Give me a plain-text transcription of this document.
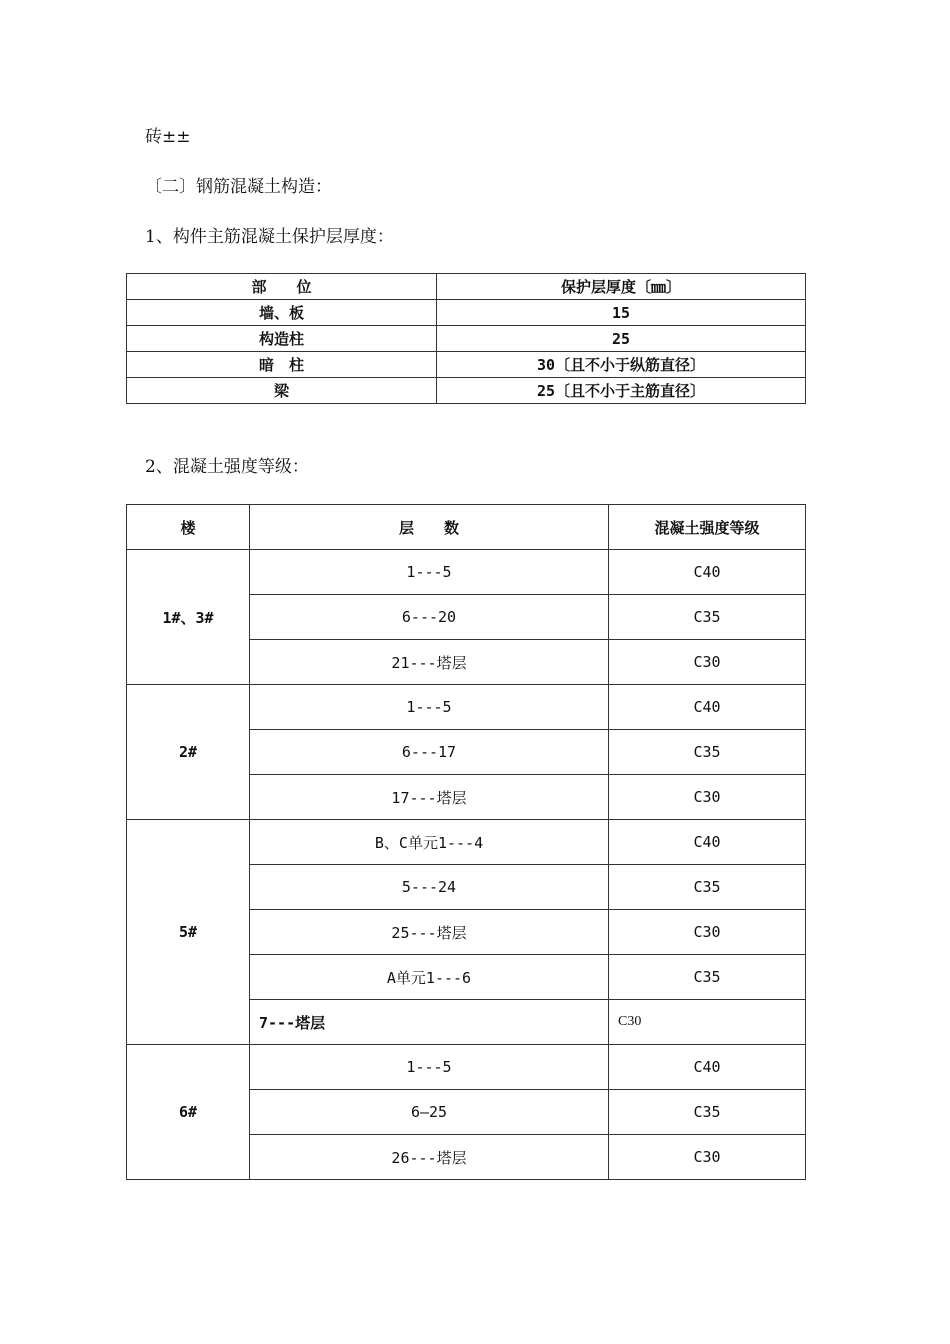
砖±±
〔二〕钢筋混凝土构造：
1、构件主筋混凝土保护层厚度：
部　　位	保护层厚度〔㎜〕
墙、板	15
构造柱	25
暗　柱	30〔且不小于纵筋直径〕
梁	25〔且不小于主筋直径〕
2、混凝土强度等级：
楼	层　　数	混凝土强度等级
1#、3#	1---5	C40
	6---20	C35
	21---塔层	C30
2#	1---5	C40
	6---17	C35
	17---塔层	C30
5#	B、C单元1---4	C40
	5---24	C35
	25---塔层	C30
	A单元1---6	C35
	7---塔层	C30
6#	1---5	C40
	6—25	C35
	26---塔层	C30
